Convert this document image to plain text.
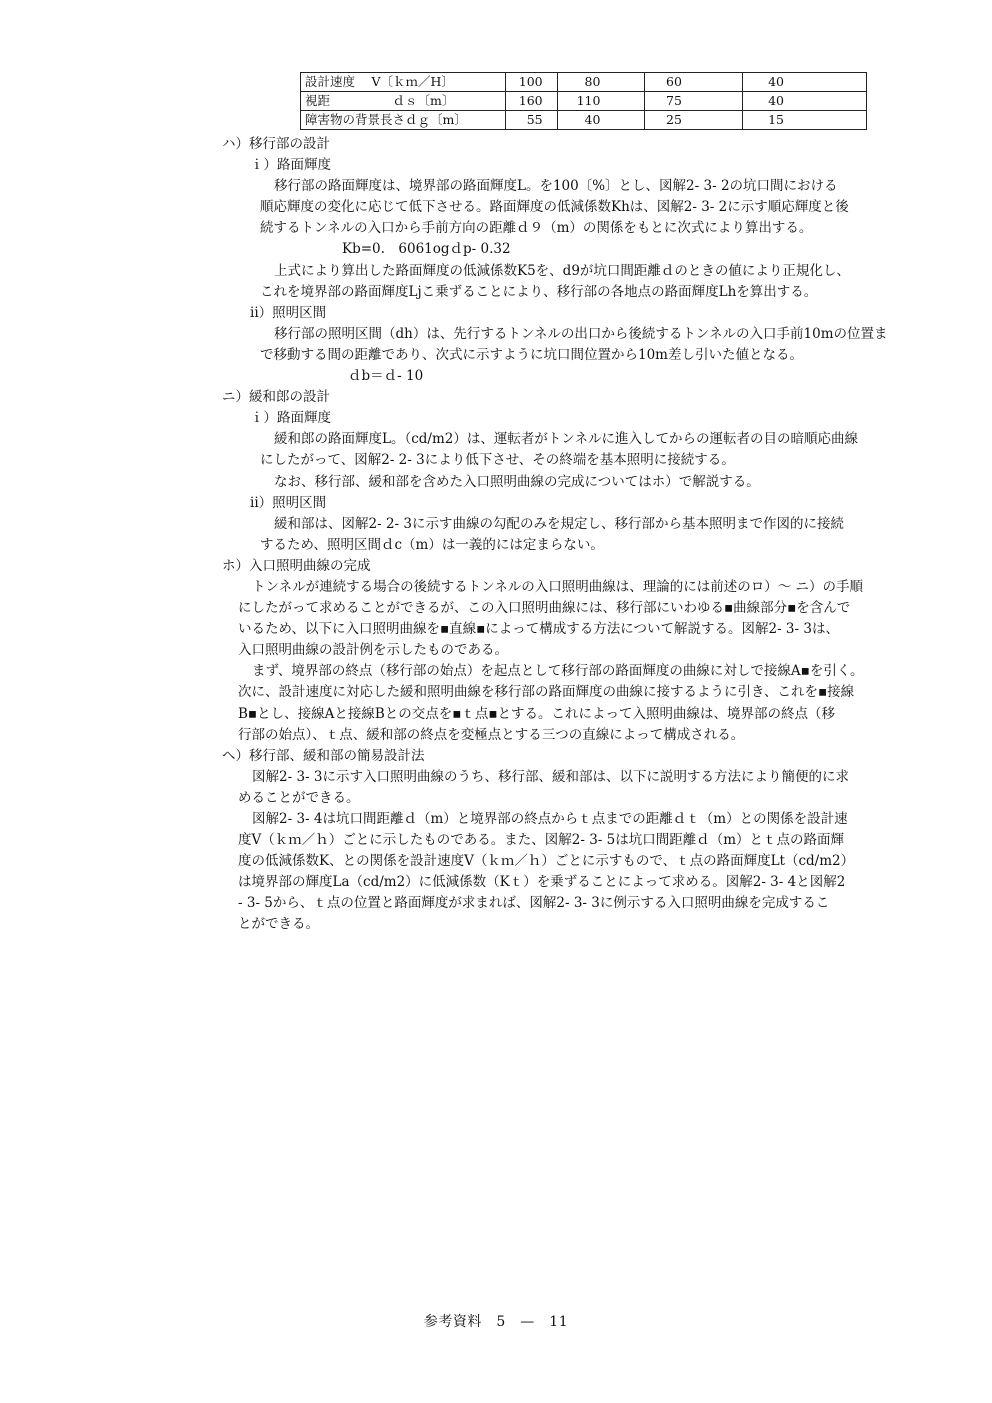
設計速度　 V〔ｋｍ／H〕	100	80	60	40
視距　　　　　ｄｓ〔m〕	160	110	75	40
障害物の背景長さｄｇ〔m〕	55	40	25	15
ハ）移行部の設計
ｉ）路面輝度
移行部の路面輝度は、境界部の路面輝度L。を100〔%〕とし、図解2- 3- 2の坑口間における
順応輝度の変化に応じて低下させる。路面輝度の低減係数Khは、図解2- 3- 2に示す順応輝度と後
続するトンネルの入口から手前方向の距離ｄ９（m）の関係をもとに次式により算出する。
Kb=0.　6061ogｄp- 0.32
上式により算出した路面輝度の低減係数K5を、d9が坑口間距離ｄのときの値により正規化し、
これを境界部の路面輝度Ljこ乗ずることにより、移行部の各地点の路面輝度Lhを算出する。
ii）照明区間
移行部の照明区間（dh）は、先行するトンネルの出口から後続するトンネルの入口手前10mの位置ま
で移動する間の距離であり、次式に示すように坑口間位置から10m差し引いた値となる。
ｄb＝ｄ- 10
ニ）緩和郎の設計
ｉ）路面輝度
緩和郎の路面輝度L。（cd/m2）は、運転者がトンネルに進入してからの運転者の目の暗順応曲線
にしたがって、図解2- 2- 3により低下させ、その終端を基本照明に接続する。
なお、移行部、緩和部を含めた入口照明曲線の完成についてはホ）で解説する。
ii）照明区間
緩和部は、図解2- 2- 3に示す曲線の勾配のみを規定し、移行部から基本照明まで作図的に接続
するため、照明区間ｄc（m）は一義的には定まらない。
ホ）入口照明曲線の完成
トンネルが連続する場合の後続するトンネルの入口照明曲線は、理論的には前述のロ）～ ニ）の手順
にしたがって求めることができるが、この入口照明曲線には、移行部にいわゆる▪曲線部分▪を含んで
いるため、以下に入口照明曲線を▪直線▪によって構成する方法について解説する。図解2- 3- 3は、
入口照明曲線の設計例を示したものである。
まず、境界部の終点（移行部の始点）を起点として移行部の路面輝度の曲線に対しで接線A▪を引く。
次に、設計速度に対応した緩和照明曲線を移行部の路面輝度の曲線に接するように引き、これを▪接線
B▪とし、接線Aと接線Bとの交点を▪ｔ点▪とする。これによって入照明曲線は、境界部の終点（移
行部の始点）、ｔ点、緩和部の終点を変極点とする三つの直線によって構成される。
へ）移行部、緩和部の簡易設計法
図解2- 3- 3に示す入口照明曲線のうち、移行部、緩和部は、以下に説明する方法により簡便的に求
めることができる。
図解2- 3- 4は坑口間距離ｄ（m）と境界部の終点からｔ点までの距離ｄｔ（m）との関係を設計速
度V（ｋｍ／ｈ）ごとに示したものである。また、図解2- 3- 5は坑口間距離ｄ（m）とｔ点の路面輝
度の低減係数K、との関係を設計速度V（ｋｍ／ｈ）ごとに示すもので、ｔ点の路面輝度Lt（cd/m2）
は境界部の輝度La（cd/m2）に低減係数（Kｔ）を乗ずることによって求める。図解2- 3- 4と図解2
- 3- 5から、ｔ点の位置と路面輝度が求まれば、図解2- 3- 3に例示する入口照明曲線を完成するこ
とができる。
参考資料　5　—　11
